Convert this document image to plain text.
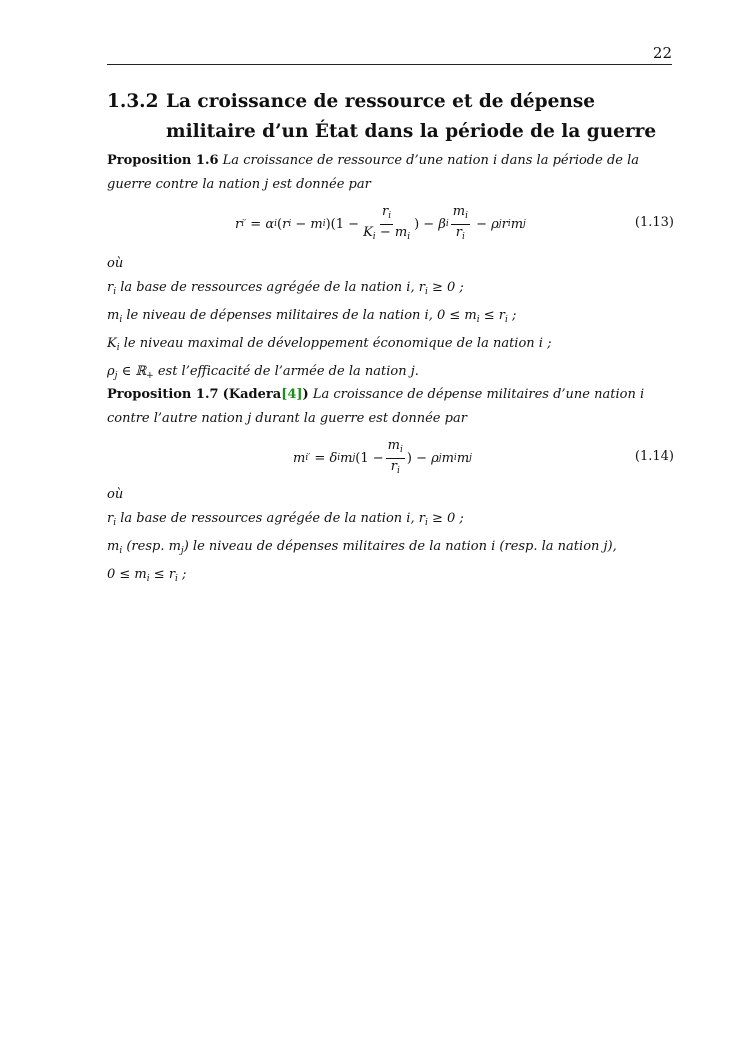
22
1.3.2 La croissance de ressource et de dépense militaire d’un État dans la période de la guerre
Proposition 1.6 La croissance de ressource d’une nation i dans la période de la guerre contre la nation j est donnée par
r i ′
= α i ( r i
− m i )($1 - \frac{r_i}{K_i - m_i}$ )
− β i $\frac{m_i}{r_i}$
− ρ j r i m j	(1.13)
où
$r_i$ la base de ressources agrégée de la nation i, $r_i \ge 0$ ;
$m_i$ le niveau de dépenses militaires de la nation i, $0 \le m_i \le r_i$ ;
$K_i$ le niveau maximal de développement économique de la nation i ;
$\rho_j$ ∈ ℝ$_+$ est l’efficacité de l’armée de la nation j.
Proposition 1.7 (Kadera[4]) La croissance de dépense militaires d’une nation i contre l’autre nation j durant la guerre est donnée par
m i ′
= δ i m j ($1 - \frac{m_i}{r_i}$ )
− ρ j m i m j	(1.14)
où
$r_i$ la base de ressources agrégée de la nation i, $r_i \ge 0$ ;
$m_i$ (resp. $m_j$) le niveau de dépenses militaires de la nation i (resp. la nation j),
$0 \le m_i \le r_i$ ;
